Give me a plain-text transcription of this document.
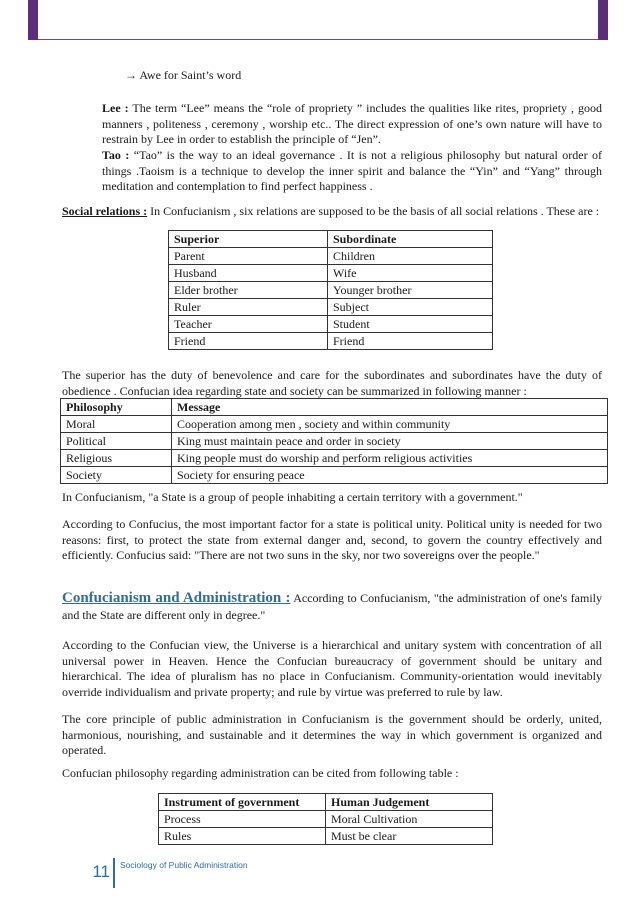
→ Awe for Saint’s word

Lee : The term “Lee” means the “role of propriety ” includes the qualities like rites, propriety , good manners , politeness , ceremony , worship etc.. The direct expression of one’s own nature will have to restrain by Lee in order to establish the principle of “Jen”.

Tao : “Tao” is the way to an ideal governance . It is not a religious philosophy but natural order of things .Taoism is a technique to develop the inner spirit and balance the “Yin” and “Yang” through meditation and contemplation to find perfect happiness .

Social relations : In Confucianism , six relations are supposed to be the basis of all social relations . These are :

Superior	Subordinate
Parent	Children
Husband	Wife
Elder brother	Younger brother
Ruler	Subject
Teacher	Student
Friend	Friend

The superior has the duty of benevolence and care for the subordinates and subordinates have the duty of obedience . Confucian idea regarding state and society can be summarized in following manner :

Philosophy	Message
Moral	Cooperation among men , society and within community
Political	King must maintain peace and order in society
Religious	King people must do worship and perform religious activities
Society	Society for ensuring peace

In Confucianism, "a State is a group of people inhabiting a certain territory with a government."

According to Confucius, the most important factor for a state is political unity. Political unity is needed for two reasons: first, to protect the state from external danger and, second, to govern the country effectively and efficiently. Confucius said: "There are not two suns in the sky, nor two sovereigns over the people."

Confucianism and Administration : According to Confucianism, "the administration of one's family and the State are different only in degree."

According to the Confucian view, the Universe is a hierarchical and unitary system with concentration of all universal power in Heaven. Hence the Confucian bureaucracy of government should be unitary and hierarchical. The idea of pluralism has no place in Confucianism. Community-orientation would inevitably override individualism and private property; and rule by virtue was preferred to rule by law.

The core principle of public administration in Confucianism is the government should be orderly, united, harmonious, nourishing, and sustainable and it determines the way in which government is organized and operated.

Confucian philosophy regarding administration can be cited from following table :

Instrument of government	Human Judgement
Process	Moral Cultivation
Rules	Must be clear
11 Sociology of Public Administration
